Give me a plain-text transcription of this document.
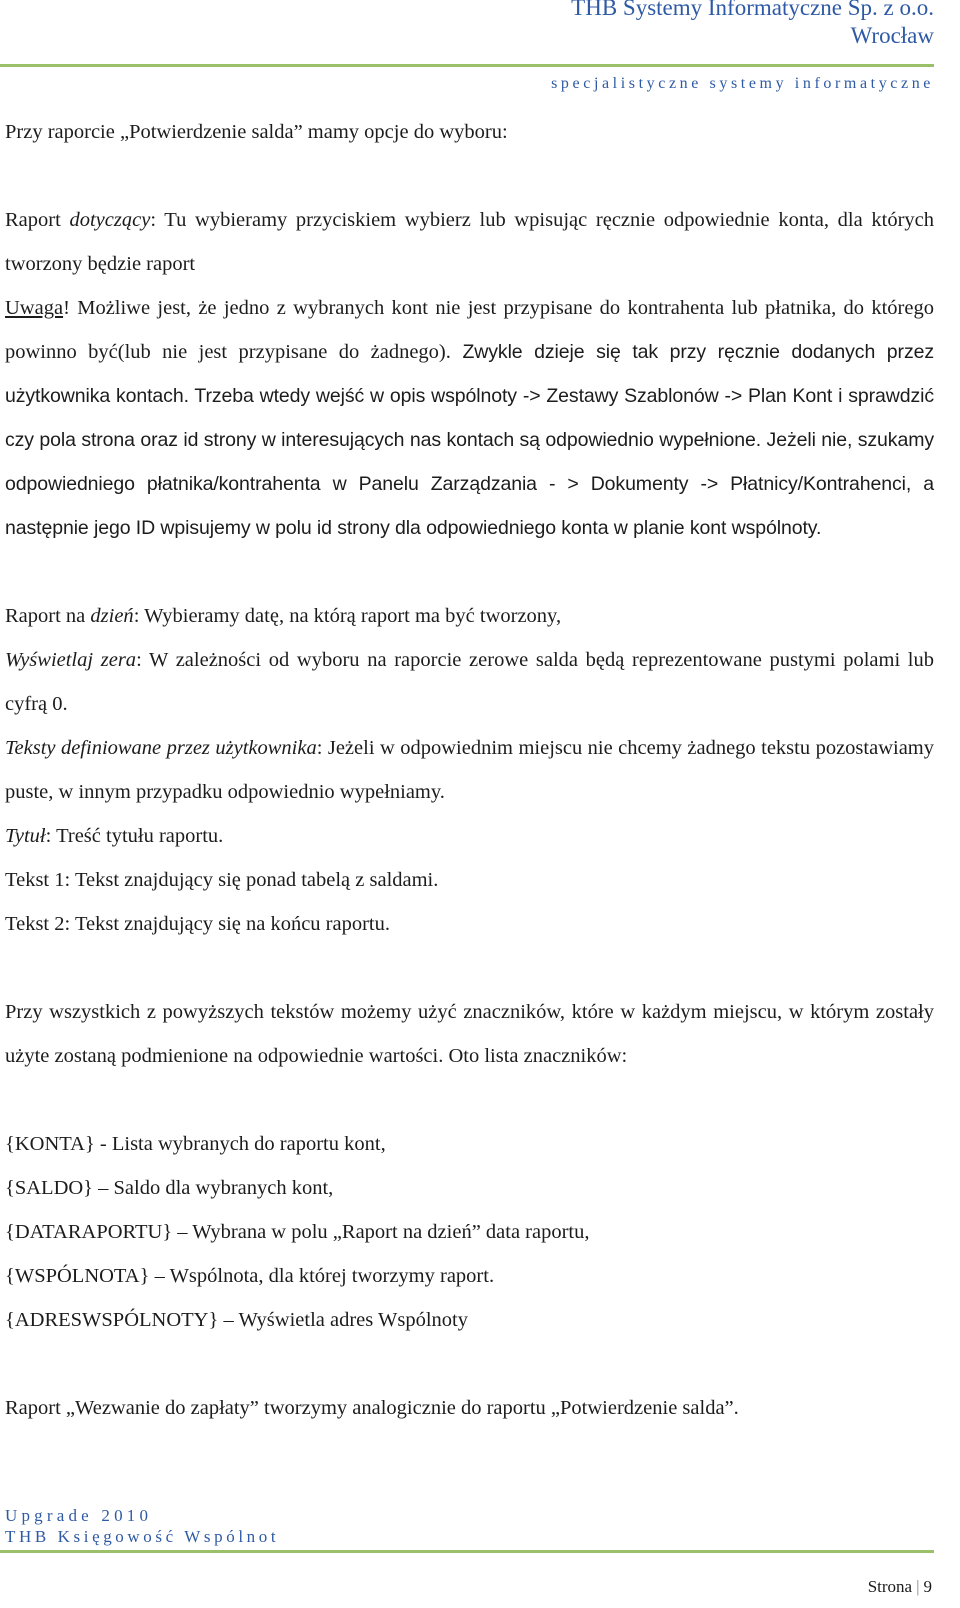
THB Systemy Informatyczne Sp. z o.o.
Wrocław
specjalistyczne systemy informatyczne

Przy raporcie „Potwierdzenie salda” mamy opcje do wyboru:

Raport dotyczący: Tu wybieramy przyciskiem wybierz lub wpisując ręcznie odpowiednie konta, dla których tworzony będzie raport

Uwaga! Możliwe jest, że jedno z wybranych kont nie jest przypisane do kontrahenta lub płatnika, do którego powinno być(lub nie jest przypisane do żadnego). Zwykle dzieje się tak przy ręcznie dodanych przez użytkownika kontach. Trzeba wtedy wejść w opis wspólnoty -> Zestawy Szablonów -> Plan Kont i sprawdzić czy pola strona oraz id strony w interesujących nas kontach są odpowiednio wypełnione. Jeżeli nie, szukamy odpowiedniego płatnika/kontrahenta w Panelu Zarządzania - > Dokumenty -> Płatnicy/Kontrahenci, a następnie jego ID wpisujemy w polu id strony dla odpowiedniego konta w planie kont wspólnoty.

Raport na dzień: Wybieramy datę, na którą raport ma być tworzony,

Wyświetlaj zera: W zależności od wyboru na raporcie zerowe salda będą reprezentowane pustymi polami lub cyfrą 0.

Teksty definiowane przez użytkownika: Jeżeli w odpowiednim miejscu nie chcemy żadnego tekstu pozostawiamy puste, w innym przypadku odpowiednio wypełniamy.

Tytuł: Treść tytułu raportu.

Tekst 1: Tekst znajdujący się ponad tabelą z saldami.

Tekst 2: Tekst znajdujący się na końcu raportu.

Przy wszystkich z powyższych tekstów możemy użyć znaczników, które w każdym miejscu, w którym zostały użyte zostaną podmienione na odpowiednie wartości. Oto lista znaczników:

{KONTA} - Lista wybranych do raportu kont,

{SALDO} – Saldo dla wybranych kont,

{DATARAPORTU} – Wybrana w polu „Raport na dzień” data raportu,

{WSPÓLNOTA} – Wspólnota, dla której tworzymy raport.

{ADRESWSPÓLNOTY} – Wyświetla adres Wspólnoty

Raport „Wezwanie do zapłaty” tworzymy analogicznie do raportu „Potwierdzenie salda”.

Upgrade 2010
THB Księgowość Wspólnot
Strona | 9
